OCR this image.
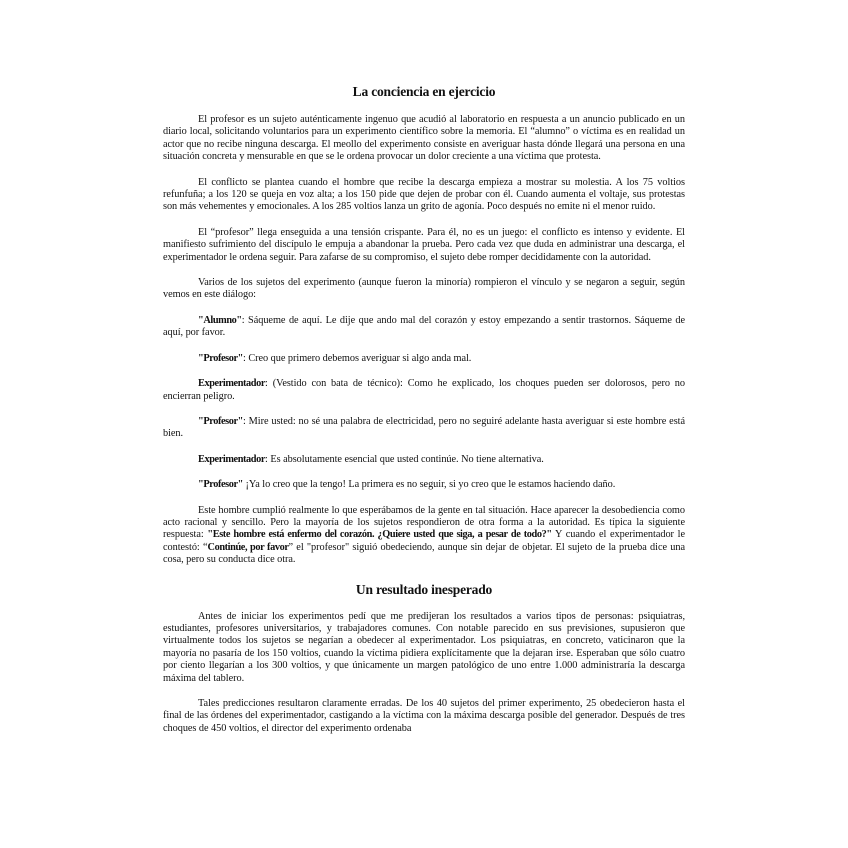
La conciencia en ejercicio

El profesor es un sujeto auténticamente ingenuo que acudió al laboratorio en respuesta a un anuncio publicado en un diario local, solicitando voluntarios para un experimento científico sobre la memoria. El “alumno” o víctima es en realidad un actor que no recibe ninguna descarga. El meollo del experimento consiste en averiguar hasta dónde llegará una persona en una situación concreta y mensurable en que se le ordena provocar un dolor creciente a una víctima que protesta.

El conflicto se plantea cuando el hombre que recibe la descarga empieza a mostrar su molestia. A los 75 voltios refunfuña; a los 120 se queja en voz alta; a los 150 pide que dejen de probar con él. Cuando aumenta el voltaje, sus protestas son más vehementes y emocionales. A los 285 voltios lanza un grito de agonía. Poco después no emite ni el menor ruido.

El “profesor” llega enseguida a una tensión crispante. Para él, no es un juego: el conflicto es intenso y evidente. El manifiesto sufrimiento del discípulo le empuja a abandonar la prueba. Pero cada vez que duda en administrar una descarga, el experimentador le ordena seguir. Para zafarse de su compromiso, el sujeto debe romper decididamente con la autoridad.

Varios de los sujetos del experimento (aunque fueron la minoría) rompieron el vínculo y se negaron a seguir, según vemos en este diálogo:

"Alumno": Sáqueme de aquí. Le dije que ando mal del corazón y estoy empezando a sentir trastornos. Sáqueme de aquí, por favor.

"Profesor": Creo que primero debemos averiguar si algo anda mal.

Experimentador: (Vestido con bata de técnico): Como he explicado, los choques pueden ser dolorosos, pero no encierran peligro.

"Profesor": Mire usted: no sé una palabra de electricidad, pero no seguiré adelante hasta averiguar si este hombre está bien.

Experimentador: Es absolutamente esencial que usted continúe. No tiene alternativa.

"Profesor" ¡Ya lo creo que la tengo! La primera es no seguir, si yo creo que le estamos haciendo daño.

Este hombre cumplió realmente lo que esperábamos de la gente en tal situación. Hace aparecer la desobediencia como acto racional y sencillo. Pero la mayoría de los sujetos respondieron de otra forma a la autoridad. Es típica la siguiente respuesta: "Este hombre está enfermo del corazón. ¿Quiere usted que siga, a pesar de todo?" Y cuando el experimentador le contestó: “Continúe, por favor” el "profesor" siguió obedeciendo, aunque sin dejar de objetar. El sujeto de la prueba dice una cosa, pero su conducta dice otra.

Un resultado inesperado

Antes de iniciar los experimentos pedí que me predijeran los resultados a varios tipos de personas: psiquiatras, estudiantes, profesores universitarios, y trabajadores comunes. Con notable parecido en sus previsiones, supusieron que virtualmente todos los sujetos se negarían a obedecer al experimentador. Los psiquiatras, en concreto, vaticinaron que la mayoría no pasaría de los 150 voltios, cuando la víctima pidiera explícitamente que la dejaran irse. Esperaban que sólo cuatro por ciento llegarían a los 300 voltios, y que únicamente un margen patológico de uno entre 1.000 administraría la descarga máxima del tablero.

Tales predicciones resultaron claramente erradas. De los 40 sujetos del primer experimento, 25 obedecieron hasta el final de las órdenes del experimentador, castigando a la víctima con la máxima descarga posible del generador. Después de tres choques de 450 voltios, el director del experimento ordenaba
